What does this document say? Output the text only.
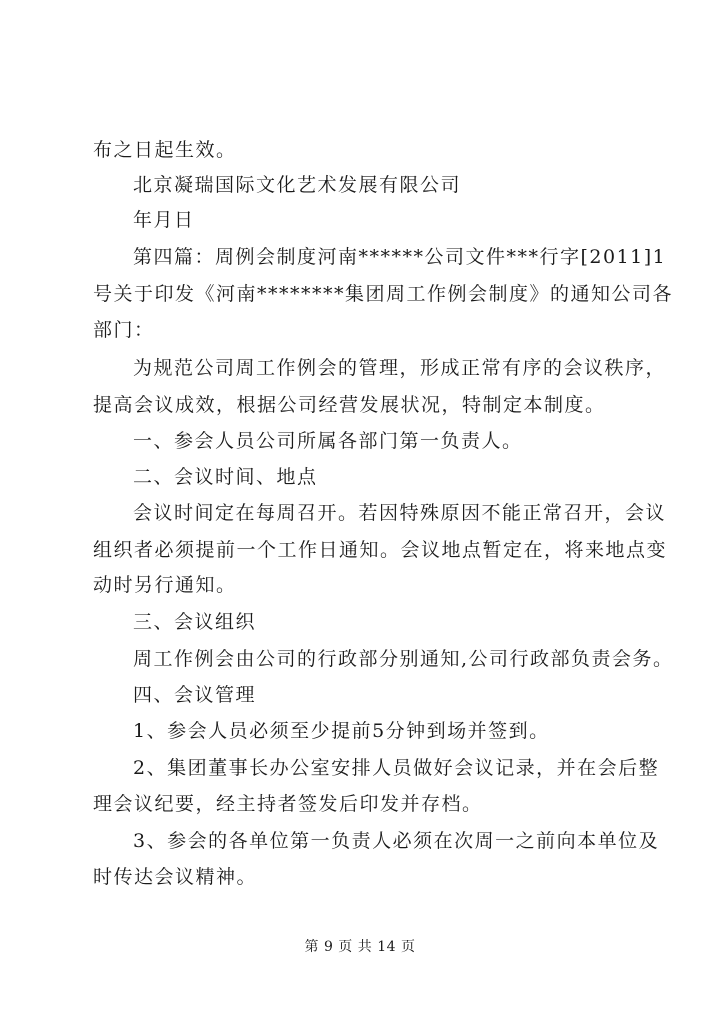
布之日起生效。
北京凝瑞国际文化艺术发展有限公司
年月日
第四篇：周例会制度河南******公司文件***行字[2011]1
号关于印发《河南********集团周工作例会制度》的通知公司各
部门：
为规范公司周工作例会的管理，形成正常有序的会议秩序，
提高会议成效，根据公司经营发展状况，特制定本制度。
一、参会人员公司所属各部门第一负责人。
二、会议时间、地点
会议时间定在每周召开。若因特殊原因不能正常召开，会议
组织者必须提前一个工作日通知。会议地点暂定在，将来地点变
动时另行通知。
三、会议组织
周工作例会由公司的行政部分别通知,公司行政部负责会务。
四、会议管理
1、参会人员必须至少提前5分钟到场并签到。
2、集团董事长办公室安排人员做好会议记录，并在会后整
理会议纪要，经主持者签发后印发并存档。
3、参会的各单位第一负责人必须在次周一之前向本单位及
时传达会议精神。
第 9 页 共 14 页
